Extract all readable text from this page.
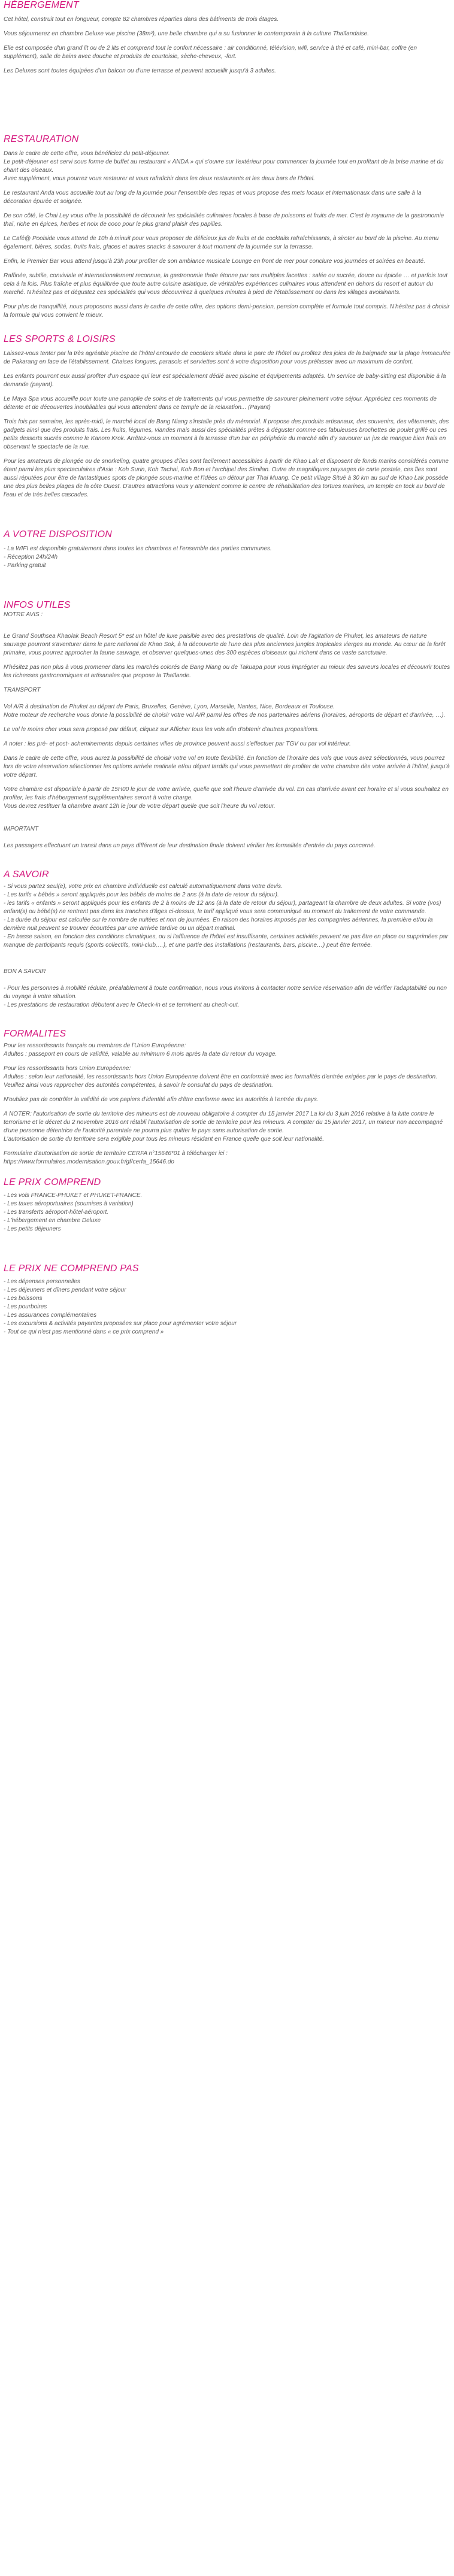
HÉBERGEMENT

Cet hôtel, construit tout en longueur, compte 82 chambres réparties dans des bâtiments de trois étages.

Vous séjournerez en chambre Deluxe vue piscine (38m²), une belle chambre qui a su fusionner le contemporain à la culture Thaïlandaise.

Elle est composée d'un grand lit ou de 2 lits et comprend tout le confort nécessaire : air conditionné, télévision, wifi, service à thé et café, mini-bar, coffre (en supplément), salle de bains avec douche et produits de courtoisie, sèche-cheveux, -fort.

Les Deluxes sont toutes équipées d'un balcon ou d'une terrasse et peuvent accueillir jusqu'à 3 adultes.

RESTAURATION

Dans le cadre de cette offre, vous bénéficiez du petit-déjeuner.
Le petit-déjeuner est servi sous forme de buffet au restaurant « ANDA » qui s'ouvre sur l'extérieur pour commencer la journée tout en profitant de la brise marine et du chant des oiseaux.
Avec supplément, vous pourrez vous restaurer et vous rafraîchir dans les deux restaurants et les deux bars de l'hôtel.

Le restaurant Anda vous accueille tout au long de la journée pour l'ensemble des repas et vous propose des mets locaux et internationaux dans une salle à la décoration épurée et soignée.

De son côté, le Chai Ley vous offre la possibilité de découvrir les spécialités culinaires locales à base de poissons et fruits de mer. C'est le royaume de la gastronomie thaï, riche en épices, herbes et noix de coco pour le plus grand plaisir des papilles.

Le Café@ Poolside vous attend de 10h à minuit pour vous proposer de délicieux jus de fruits et de cocktails rafraîchissants, à siroter au bord de la piscine. Au menu également, bières, sodas, fruits frais, glaces et autres snacks à savourer à tout moment de la journée sur la terrasse.

Enfin, le Premier Bar vous attend jusqu'à 23h pour profiter de son ambiance musicale Lounge en front de mer pour conclure vos journées et soirées en beauté.

Raffinée, subtile, conviviale et internationalement reconnue, la gastronomie thaïe étonne par ses multiples facettes : salée ou sucrée, douce ou épicée … et parfois tout cela à la fois. Plus fraîche et plus équilibrée que toute autre cuisine asiatique, de véritables expériences culinaires vous attendent en dehors du resort et autour du marché. N'hésitez pas et dégustez ces spécialités qui vous découvrirez à quelques minutes à pied de l'établissement ou dans les villages avoisinants.

Pour plus de tranquillité, nous proposons aussi dans le cadre de cette offre, des options demi-pension, pension complète et formule tout compris. N'hésitez pas à choisir la formule qui vous convient le mieux.

LES SPORTS & LOISIRS

Laissez-vous tenter par la très agréable piscine de l'hôtel entourée de cocotiers située dans le parc de l'hôtel ou profitez des joies de la baignade sur la plage immaculée de Pakarang en face de l'établissement. Chaises longues, parasols et serviettes sont à votre disposition pour vous prélasser avec un maximum de confort.

Les enfants pourront eux aussi profiter d'un espace qui leur est spécialement dédié avec piscine et équipements adaptés. Un service de baby-sitting est disponible à la demande (payant).

Le Maya Spa vous accueille pour toute une panoplie de soins et de traitements qui vous permettre de savourer pleinement votre séjour. Appréciez ces moments de détente et de découvertes inoubliables qui vous attendent dans ce temple de la relaxation... (Payant)

Trois fois par semaine, les après-midi, le marché local de Bang Niang s'installe près du mémorial. Il propose des produits artisanaux, des souvenirs, des vêtements, des gadgets ainsi que des produits frais. Les fruits, légumes, viandes mais aussi des spécialités prêtes à déguster comme ces fabuleuses brochettes de poulet grillé ou ces petits desserts sucrés comme le Kanom Krok. Arrêtez-vous un moment à la terrasse d'un bar en périphérie du marché afin d'y savourer un jus de mangue bien frais en observant le spectacle de la rue.

Pour les amateurs de plongée ou de snorkeling, quatre groupes d'îles sont facilement accessibles à partir de Khao Lak et disposent de fonds marins considérés comme étant parmi les plus spectaculaires d'Asie : Koh Surin, Koh Tachai, Koh Bon et l'archipel des Similan. Outre de magnifiques paysages de carte postale, ces îles sont aussi réputées pour être de fantastiques spots de plongée sous-marine et l'idées un détour par Thai Muang. Ce petit village Situé à 30 km au sud de Khao Lak possède une des plus belles plages de la côte Ouest. D'autres attractions vous y attendent comme le centre de réhabilitation des tortues marines, un temple en teck au bord de l'eau et de très belles cascades.

A VOTRE DISPOSITION

- La WIFI est disponible gratuitement dans toutes les chambres et l'ensemble des parties communes.

- Réception 24h/24h

- Parking gratuit

INFOS UTILES

NOTRE AVIS :

Le Grand Southsea Khaolak Beach Resort 5* est un hôtel de luxe paisible avec des prestations de qualité. Loin de l'agitation de Phuket, les amateurs de nature sauvage pourront s'aventurer dans le parc national de Khao Sok, à la découverte de l'une des plus anciennes jungles tropicales vierges au monde. Au cœur de la forêt primaire, vous pourrez approcher la faune sauvage, et observer quelques-unes des 300 espèces d'oiseaux qui nichent dans ce vaste sanctuaire.

N'hésitez pas non plus à vous promener dans les marchés colorés de Bang Niang ou de Takuapa pour vous imprégner au mieux des saveurs locales et découvrir toutes les richesses gastronomiques et artisanales que propose la Thaïlande.

TRANSPORT

Vol A/R à destination de Phuket au départ de Paris, Bruxelles, Genève, Lyon, Marseille, Nantes, Nice, Bordeaux et Toulouse.
Notre moteur de recherche vous donne la possibilité de choisir votre vol A/R parmi les offres de nos partenaires aériens (horaires, aéroports de départ et d'arrivée, …).

Le vol le moins cher vous sera proposé par défaut, cliquez sur Afficher tous les vols afin d'obtenir d'autres propositions.

A noter : les pré- et post- acheminements depuis certaines villes de province peuvent aussi s'effectuer par TGV ou par vol intérieur.

Dans le cadre de cette offre, vous aurez la possibilité de choisir votre vol en toute flexibilité. En fonction de l'horaire des vols que vous avez sélectionnés, vous pourrez lors de votre réservation sélectionner les options arrivée matinale et/ou départ tardifs qui vous permettent de profiter de votre chambre dès votre arrivée à l'hôtel, jusqu'à votre départ.

Votre chambre est disponible à partir de 15H00 le jour de votre arrivée, quelle que soit l'heure d'arrivée du vol. En cas d'arrivée avant cet horaire et si vous souhaitez en profiter, les frais d'hébergement supplémentaires seront à votre charge.
Vous devrez restituer la chambre avant 12h le jour de votre départ quelle que soit l'heure du vol retour.

IMPORTANT

Les passagers effectuant un transit dans un pays différent de leur destination finale doivent vérifier les formalités d'entrée du pays concerné.

A SAVOIR

- Si vous partez seul(e), votre prix en chambre individuelle est calculé automatiquement dans votre devis.
- Les tarifs « bébés » seront appliqués pour les bébés de moins de 2 ans (à la date de retour du séjour).
- les tarifs « enfants » seront appliqués pour les enfants de 2 à moins de 12 ans (à la date de retour du séjour), partageant la chambre de deux adultes. Si votre (vos) enfant(s) ou bébé(s) ne rentrent pas dans les tranches d'âges ci-dessus, le tarif appliqué vous sera communiqué au moment du traitement de votre commande.
- La durée du séjour est calculée sur le nombre de nuitées et non de journées. En raison des horaires imposés par les compagnies aériennes, la première et/ou la dernière nuit peuvent se trouver écourtées par une arrivée tardive ou un départ matinal.
- En basse saison, en fonction des conditions climatiques, ou si l'affluence de l'hôtel est insuffisante, certaines activités peuvent ne pas être en place ou supprimées par manque de participants requis (sports collectifs, mini-club,…), et une partie des installations (restaurants, bars, piscine…) peut être fermée.

BON A SAVOIR

- Pour les personnes à mobilité réduite, préalablement à toute confirmation, nous vous invitons à contacter notre service réservation afin de vérifier l'adaptabilité ou non du voyage à votre situation.
- Les prestations de restauration débutent avec le Check-in et se terminent au check-out.

FORMALITES

Pour les ressortissants français ou membres de l'Union Européenne:
Adultes : passeport en cours de validité, valable au minimum 6 mois après la date du retour du voyage.

Pour les ressortissants hors Union Européenne:
Adultes : selon leur nationalité, les ressortissants hors Union Européenne doivent être en conformité avec les formalités d'entrée exigées par le pays de destination. Veuillez ainsi vous rapprocher des autorités compétentes, à savoir le consulat du pays de destination.

N'oubliez pas de contrôler la validité de vos papiers d'identité afin d'être conforme avec les autorités à l'entrée du pays.

A NOTER: l'autorisation de sortie du territoire des mineurs est de nouveau obligatoire à compter du 15 janvier 2017 La loi du 3 juin 2016 relative à la lutte contre le terrorisme et le décret du 2 novembre 2016 ont rétabli l'autorisation de sortie de territoire pour les mineurs. A compter du 15 janvier 2017, un mineur non accompagné d'une personne détentrice de l'autorité parentale ne pourra plus quitter le pays sans autorisation de sortie.
L'autorisation de sortie du territoire sera exigible pour tous les mineurs résidant en France quelle que soit leur nationalité.

Formulaire d'autorisation de sortie de territoire CERFA n°15646*01 à télécharger ici :
https://www.formulaires.modernisation.gouv.fr/gf/cerfa_15646.do

LE PRIX COMPREND

- Les vols FRANCE-PHUKET et PHUKET-FRANCE.

- Les taxes aéroportuaires (soumises à variation)

- Les transferts aéroport-hôtel-aéroport.

- L'hébergement en chambre Deluxe

- Les petits déjeuners

LE PRIX NE COMPREND PAS

- Les dépenses personnelles

- Les déjeuners et dîners pendant votre séjour

- Les boissons

- Les pourboires

- Les assurances complémentaires

- Les excursions & activités payantes proposées sur place pour agrémenter votre séjour

- Tout ce qui n'est pas mentionné dans « ce prix comprend »
